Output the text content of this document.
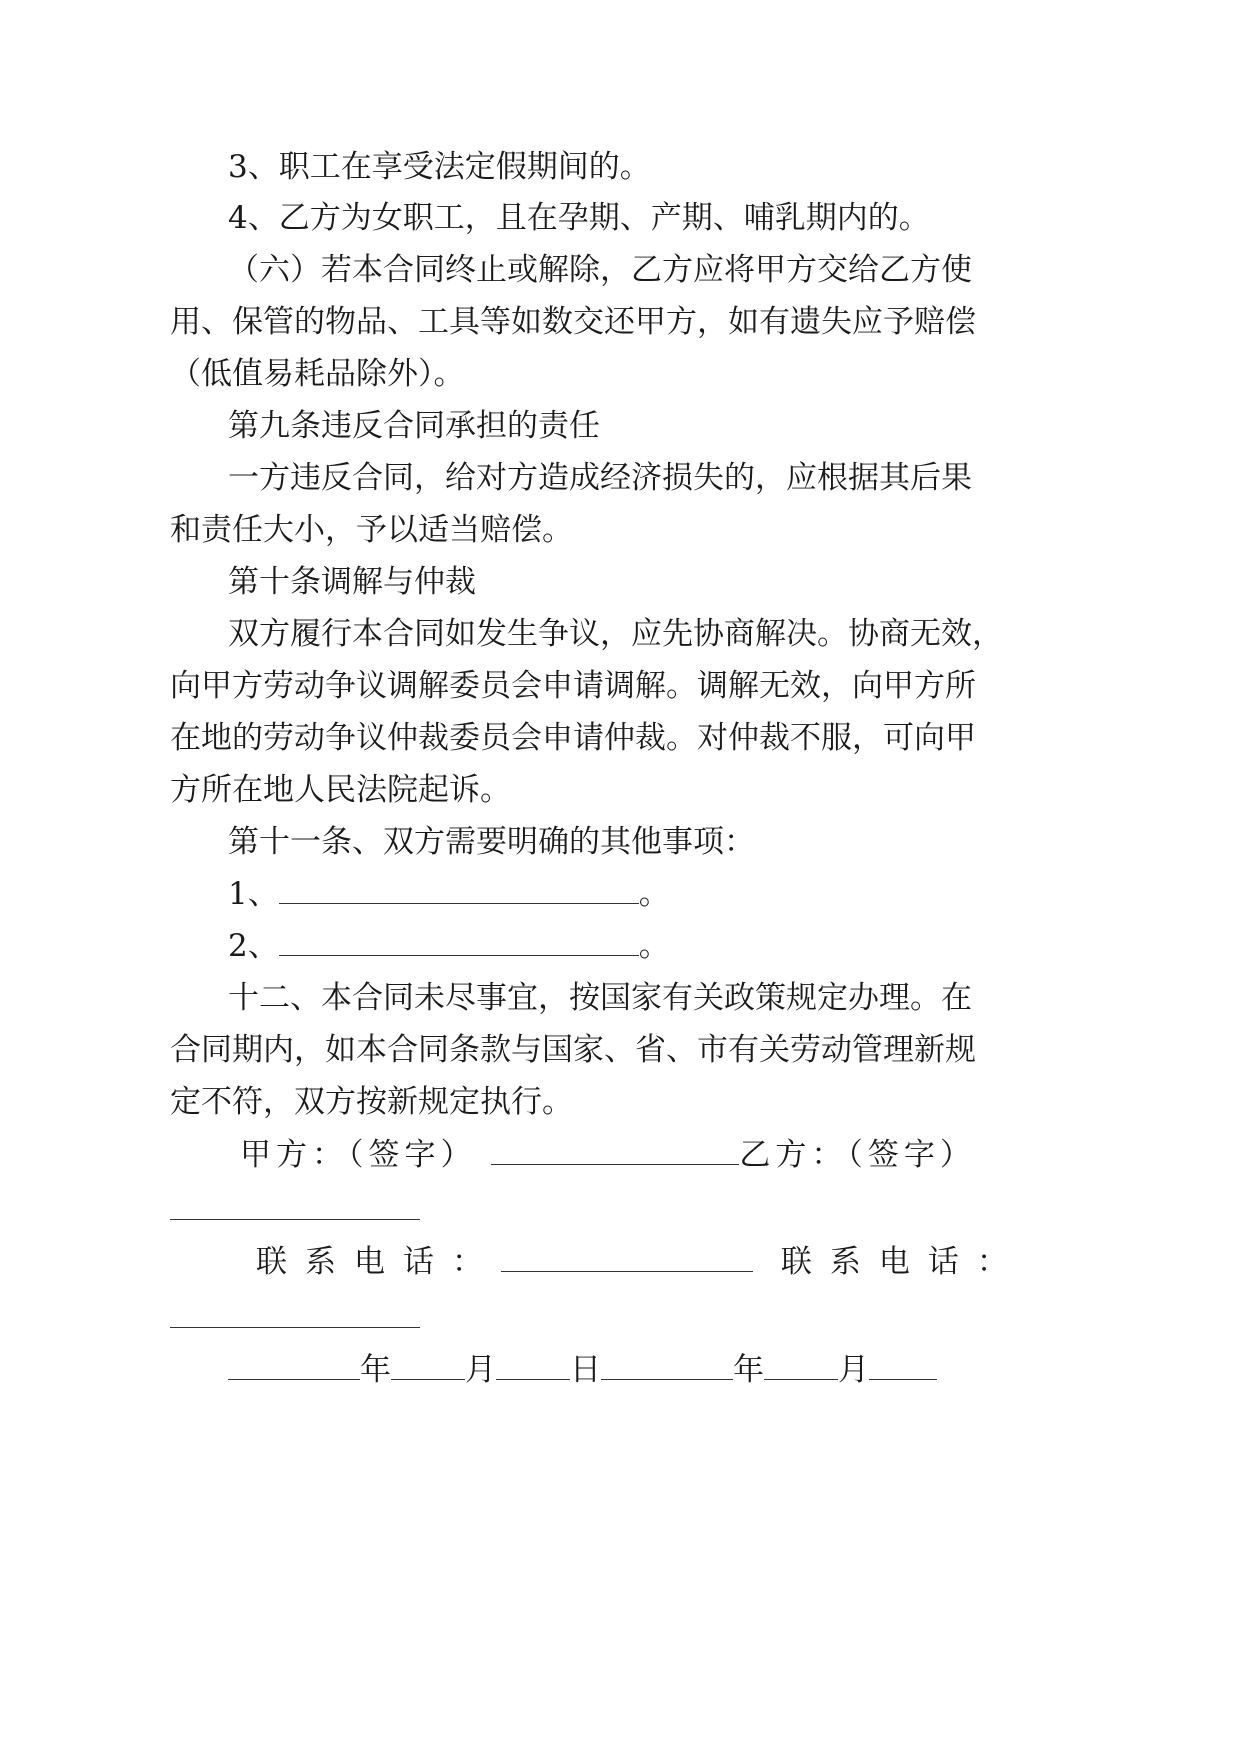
3、职工在享受法定假期间的。
4、乙方为女职工，且在孕期、产期、哺乳期内的。
（六）若本合同终止或解除，乙方应将甲方交给乙方使
用、保管的物品、工具等如数交还甲方，如有遗失应予赔偿
（低值易耗品除外）。
第九条违反合同承担的责任
一方违反合同，给对方造成经济损失的，应根据其后果
和责任大小，予以适当赔偿。
第十条调解与仲裁
双方履行本合同如发生争议，应先协商解决。协商无效，
向甲方劳动争议调解委员会申请调解。调解无效，向甲方所
在地的劳动争议仲裁委员会申请仲裁。对仲裁不服，可向甲
方所在地人民法院起诉。
第十一条、双方需要明确的其他事项：
1、	。
2、	。
十二、本合同未尽事宜，按国家有关政策规定办理。在
合同期内，如本合同条款与国家、省、市有关劳动管理新规
定不符，双方按新规定执行。
甲方：（签字）	乙方：（签字）
联系电话：	联系电话：
年 月 日	年 月
